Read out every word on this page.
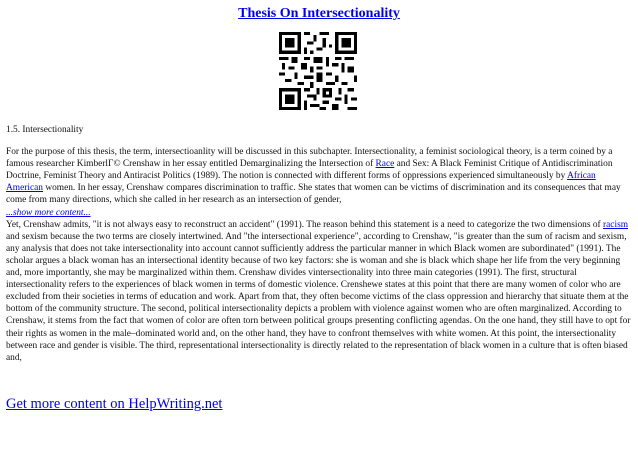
Thesis On Intersectionality

1.5. Intersectionality

For the purpose of this thesis, the term, intersectioanlity will be discussed in this subchapter. Intersectionality, a feminist sociological theory, is a term coined by a famous researcher KimberlГ© Crenshaw in her essay entitled Demarginalizing the Intersection of Race and Sex: A Black Feminist Critique of Antidiscrimination Doctrine, Feminist Theory and Antiracist Politics (1989). The notion is connected with different forms of oppressions experienced simultaneously by African American women. In her essay, Crenshaw compares discrimination to traffic. She states that women can be victims of discrimination and its consequences that may come from many directions, which she called in her research as an intersection of gender,

...show more content...

Yet, Crenshaw admits, "it is not always easy to reconstruct an accident" (1991). The reason behind this statement is a need to categorize the two dimensions of racism and sexism because the two terms are closely intertwined. And "the intersectional experience", according to Crenshaw, "is greater than the sum of racism and sexism, any analysis that does not take intersectionality into account cannot sufficiently address the particular manner in which Black women are subordinated" (1991). The scholar argues a black woman has an intersectional identity because of two key factors: she is woman and she is black which shape her life from the very beginning and, more importantly, she may be marginalized within them. Crenshaw divides vintersectionality into three main categories (1991). The first, structural intersectionality refers to the experiences of black women in terms of domestic violence. Crenshewe states at this point that there are many women of color who are excluded from their societies in terms of education and work. Apart from that, they often become victims of the class oppression and hierarchy that situate them at the bottom of the community structure. The second, political intersectionality depicts a problem with violence against women who are often marginalized. According to Crenshaw, it stems from the fact that women of color are often torn between political groups presenting conflicting agendas. On the one hand, they still have to opt for their rights as women in the male–dominated world and, on the other hand, they have to confront themselves with white women. At this point, the intersectionality between race and gender is visible. The third, representational intersectionality is directly related to the representation of black women in a culture that is often biased and,

Get more content on HelpWriting.net
